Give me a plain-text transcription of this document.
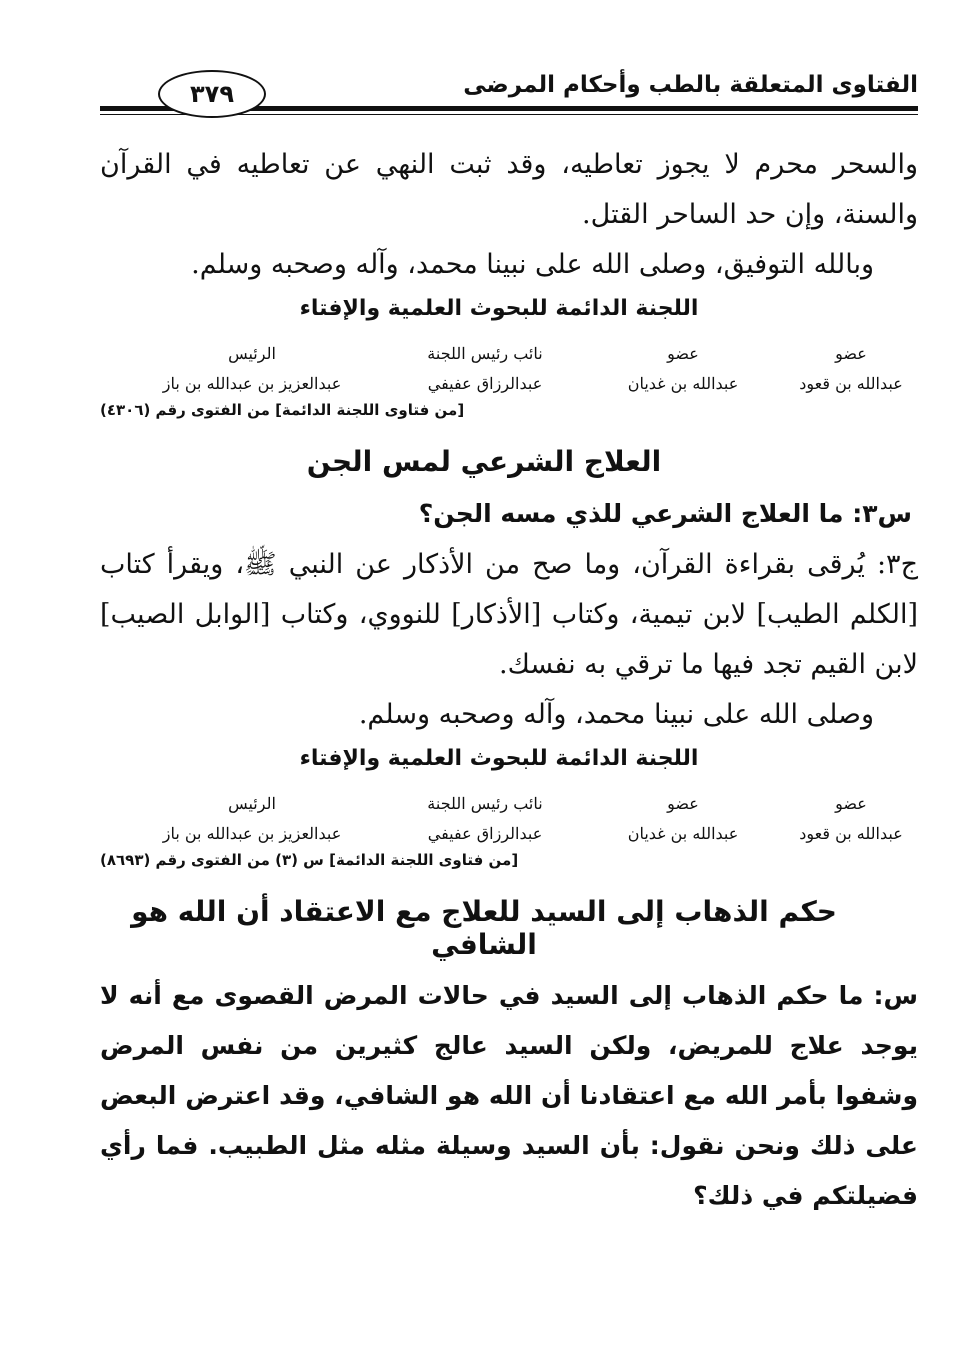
الفتاوى المتعلقة بالطب وأحكام المرضى
٣٧٩

والسحر محرم لا يجوز تعاطيه، وقد ثبت النهي عن تعاطيه في القرآن والسنة، وإن حد الساحر القتل.

وبالله التوفيق، وصلى الله على نبينا محمد، وآله وصحبه وسلم.

اللجنة الدائمة للبحوث العلمية والإفتاء
عضو
عبدالله بن قعود
عضو
عبدالله بن غديان
نائب رئيس اللجنة
عبدالرزاق عفيفي
الرئيس
عبدالعزيز بن عبدالله بن باز
[من فتاوى اللجنة الدائمة] من الفتوى رقم (٤٣٠٦)
العلاج الشرعي لمس الجن

س٣: ما العلاج الشرعي للذي مسه الجن؟

ج٣: يُرقى بقراءة القرآن، وما صح من الأذكار عن النبي ﷺ، ويقرأ كتاب [الكلم الطيب] لابن تيمية، وكتاب [الأذكار] للنووي، وكتاب [الوابل الصيب] لابن القيم تجد فيها ما ترقي به نفسك.

وصلى الله على نبينا محمد، وآله وصحبه وسلم.

اللجنة الدائمة للبحوث العلمية والإفتاء
عضو
عبدالله بن قعود
عضو
عبدالله بن غديان
نائب رئيس اللجنة
عبدالرزاق عفيفي
الرئيس
عبدالعزيز بن عبدالله بن باز
[من فتاوى اللجنة الدائمة] س (٣) من الفتوى رقم (٨٦٩٣)
حكم الذهاب إلى السيد للعلاج مع الاعتقاد أن الله هو الشافي

س: ما حكم الذهاب إلى السيد في حالات المرض القصوى مع أنه لا يوجد علاج للمريض، ولكن السيد عالج كثيرين من نفس المرض وشفوا بأمر الله مع اعتقادنا أن الله هو الشافي، وقد اعترض البعض على ذلك ونحن نقول: بأن السيد وسيلة مثله مثل الطبيب. فما رأي فضيلتكم في ذلك؟
